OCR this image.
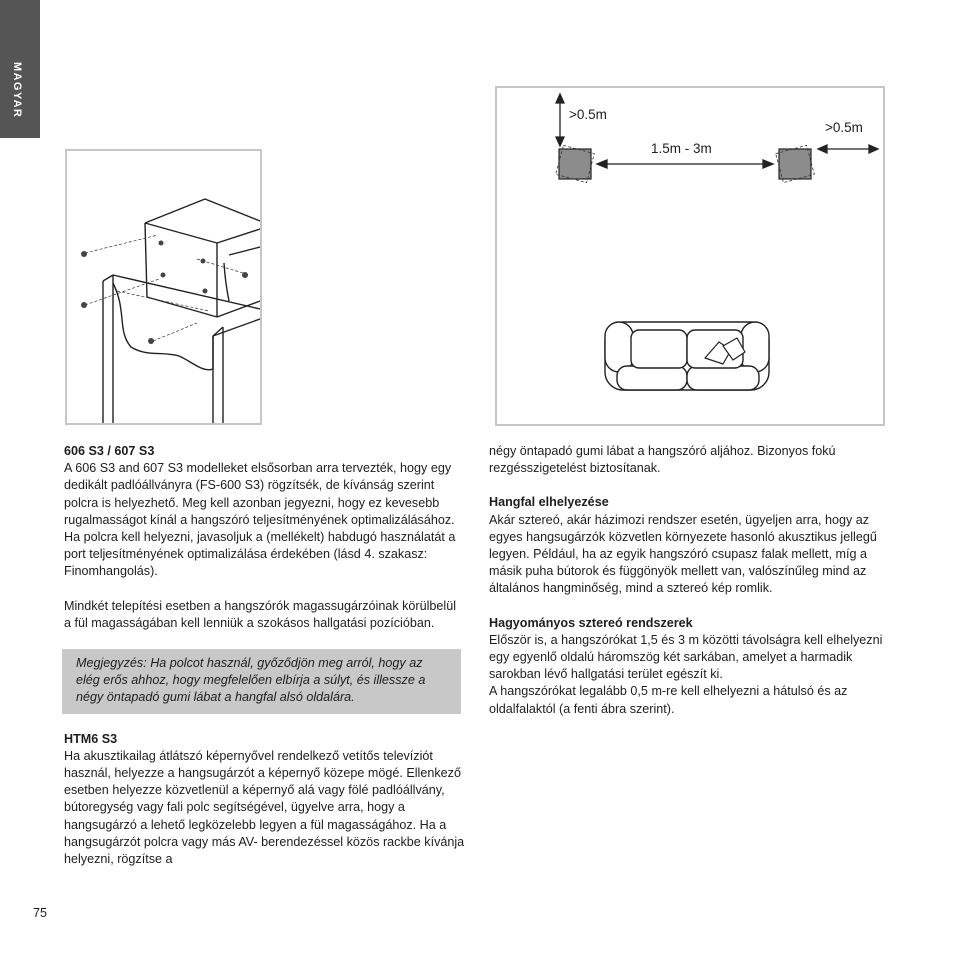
MAGYAR	>0.5m
>0.5m
1.5m - 3m
606 S3 / 607 S3

A 606 S3 and 607 S3 modelleket elsősorban arra tervezték, hogy egy dedikált padlóállványra (FS-600 S3) rögzítsék, de kívánság szerint polcra is helyezhető. Meg kell azonban jegyezni, hogy ez kevesebb rugalmasságot kínál a hangszóró teljesítményének optimalizálásához. Ha polcra kell helyezni, javasoljuk a (mellékelt) habdugó használatát a port teljesítményének optimalizálása érdekében (lásd 4. szakasz: Finomhangolás).

Mindkét telepítési esetben a hangszórók magassugárzóinak körülbelül a fül magasságában kell lenniük a szokásos hallgatási pozícióban.

Megjegyzés: Ha polcot használ, győződjön meg arról, hogy az elég erős ahhoz, hogy megfelelően elbírja a súlyt, és illessze a négy öntapadó gumi lábat a hangfal alsó oldalára.

HTM6 S3

Ha akusztikailag átlátszó képernyővel rendelkező vetítős televíziót használ, helyezze a hangsugárzót a képernyő közepe mögé. Ellenkező esetben helyezze közvetlenül a képernyő alá vagy fölé padlóállvány, bútoregység vagy fali polc segítségével, ügyelve arra, hogy a hangsugárzó a lehető legközelebb legyen a fül magasságához. Ha a hangsugárzót polcra vagy más AV- berendezéssel közös rackbe kívánja helyezni, rögzítse a

négy öntapadó gumi lábat a hangszóró aljához. Bizonyos fokú rezgésszigetelést biztosítanak.

Hangfal elhelyezése

Akár sztereó, akár házimozi rendszer esetén, ügyeljen arra, hogy az egyes hangsugárzók közvetlen környezete hasonló akusztikus jellegű legyen. Például, ha az egyik hangszóró csupasz falak mellett, míg a másik puha bútorok és függönyök mellett van, valószínűleg mind az általános hangminőség, mind a sztereó kép romlik.

Hagyományos sztereó rendszerek

Először is, a hangszórókat 1,5 és 3 m közötti távolságra kell elhelyezni egy egyenlő oldalú háromszög két sarkában, amelyet a harmadik sarokban lévő hallgatási terület egészít ki.

A hangszórókat legalább 0,5 m-re kell elhelyezni a hátulsó és az oldalfalaktól (a fenti ábra szerint).

75
